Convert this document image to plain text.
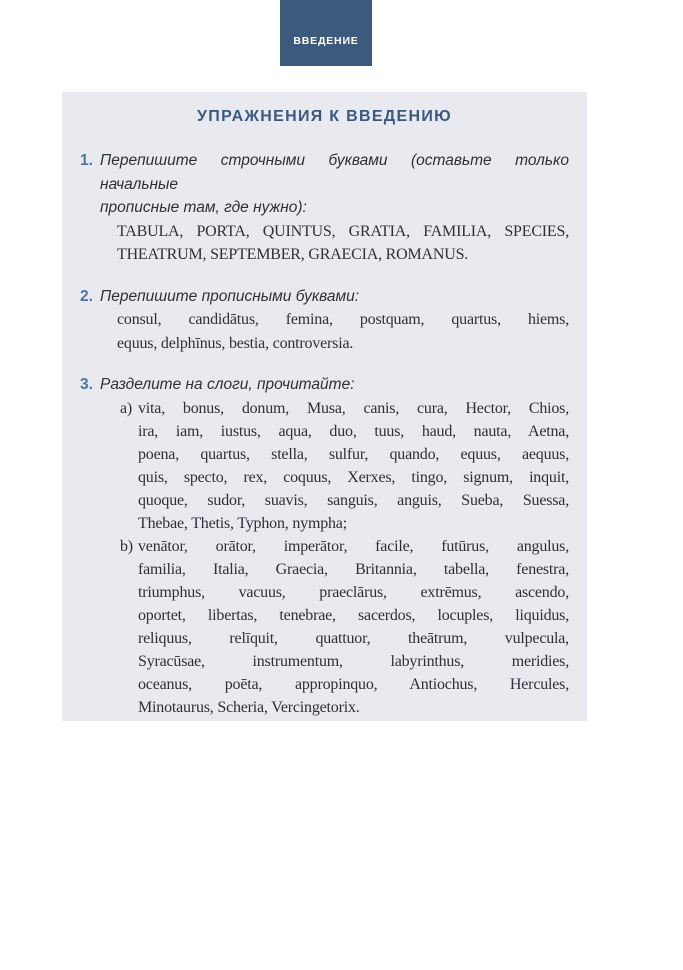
ВВЕДЕНИЕ
УПРАЖНЕНИЯ К ВВЕДЕНИЮ
1. Перепишите строчными буквами (оставьте только начальные
прописные там, где нужно):
TABULA, PORTA, QUINTUS, GRATIA, FAMILIA, SPECIES,
THEATRUM, SEPTEMBER, GRAECIA, ROMANUS.
2. Перепишите прописными буквами:
consul, candidātus, femina, postquam, quartus, hiems,
equus, delphīnus, bestia, controversia.
3. Разделите на слоги, прочитайте:
a) vita, bonus, donum, Musa, canis, cura, Hector, Chios,
ira, iam, iustus, aqua, duo, tuus, haud, nauta, Aetna,
poena, quartus, stella, sulfur, quando, equus, aequus,
quis, specto, rex, coquus, Xerxes, tingo, signum, inquit,
quoque, sudor, suavis, sanguis, anguis, Sueba, Suessa,
Thebae, Thetis, Typhon, nympha;
b) venātor, orātor, imperātor, facile, futūrus, angulus,
familia, Italia, Graecia, Britannia, tabella, fenestra,
triumphus, vacuus, praeclārus, extrēmus, ascendo,
oportet, libertas, tenebrae, sacerdos, locuples, liquidus,
reliquus, relīquit, quattuor, theātrum, vulpecula,
Syracūsae, instrumentum, labyrinthus, meridies,
oceanus, poēta, appropinquo, Antiochus, Hercules,
Minotaurus, Scheria, Vercingetorix.
